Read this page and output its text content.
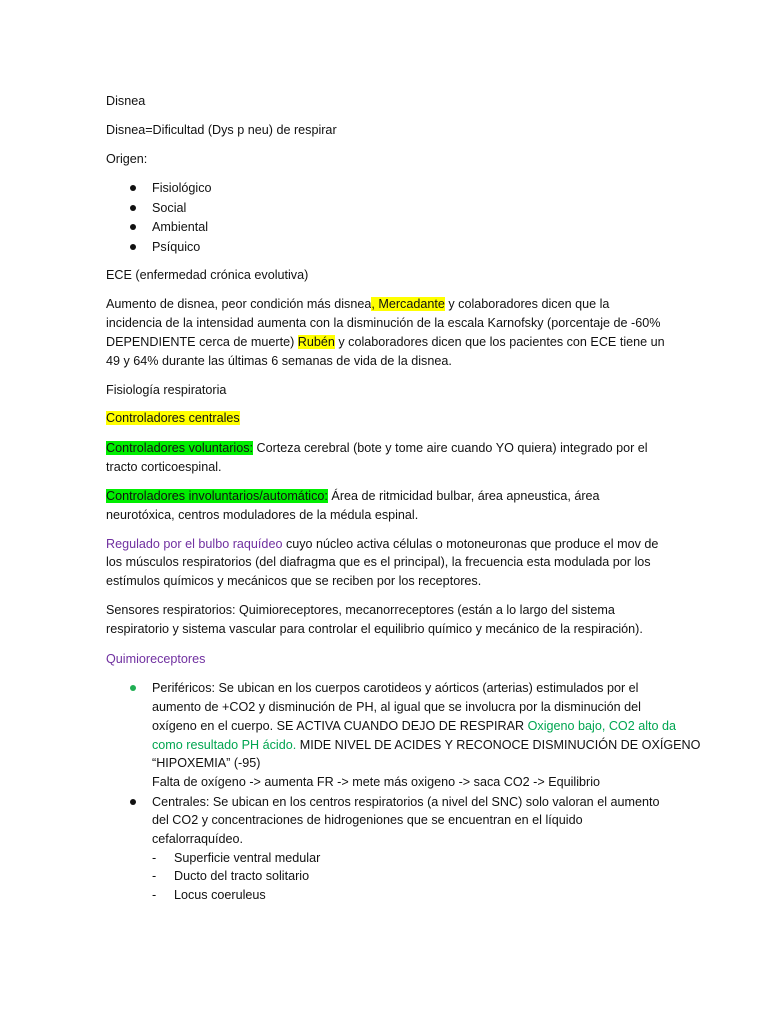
Disnea
Disnea=Dificultad (Dys p neu) de respirar
Origen:
Fisiológico
Social
Ambiental
Psíquico
ECE (enfermedad crónica evolutiva)
Aumento de disnea, peor condición más disnea, Mercadante y colaboradores dicen que la
incidencia de la intensidad aumenta con la disminución de la escala Karnofsky (porcentaje de -60%
DEPENDIENTE cerca de muerte) Rubén y colaboradores dicen que los pacientes con ECE tiene un
49 y 64% durante las últimas 6 semanas de vida de la disnea.
Fisiología respiratoria
Controladores centrales
Controladores voluntarios: Corteza cerebral (bote y tome aire cuando YO quiera) integrado por el
tracto corticoespinal.
Controladores involuntarios/automático: Área de ritmicidad bulbar, área apneustica, área
neurotóxica, centros moduladores de la médula espinal.
Regulado por el bulbo raquídeo cuyo núcleo activa células o motoneuronas que produce el mov de
los músculos respiratorios (del diafragma que es el principal), la frecuencia esta modulada por los
estímulos químicos y mecánicos que se reciben por los receptores.
Sensores respiratorios: Quimioreceptores, mecanorreceptores (están a lo largo del sistema
respiratorio y sistema vascular para controlar el equilibrio químico y mecánico de la respiración).
Quimioreceptores
Periféricos: Se ubican en los cuerpos carotideos y aórticos (arterias) estimulados por el
aumento de +CO2 y disminución de PH, al igual que se involucra por la disminución del
oxígeno en el cuerpo. SE ACTIVA CUANDO DEJO DE RESPIRAR Oxigeno bajo, CO2 alto da
como resultado PH ácido. MIDE NIVEL DE ACIDES Y RECONOCE DISMINUCIÓN DE OXÍGENO
“HIPOXEMIA” (-95)
Falta de oxígeno -> aumenta FR -> mete más oxigeno -> saca CO2 -> Equilibrio
Centrales: Se ubican en los centros respiratorios (a nivel del SNC) solo valoran el aumento
del CO2 y concentraciones de hidrogeniones que se encuentran en el líquido
cefalorraquídeo.
- Superficie ventral medular
- Ducto del tracto solitario
- Locus coeruleus
